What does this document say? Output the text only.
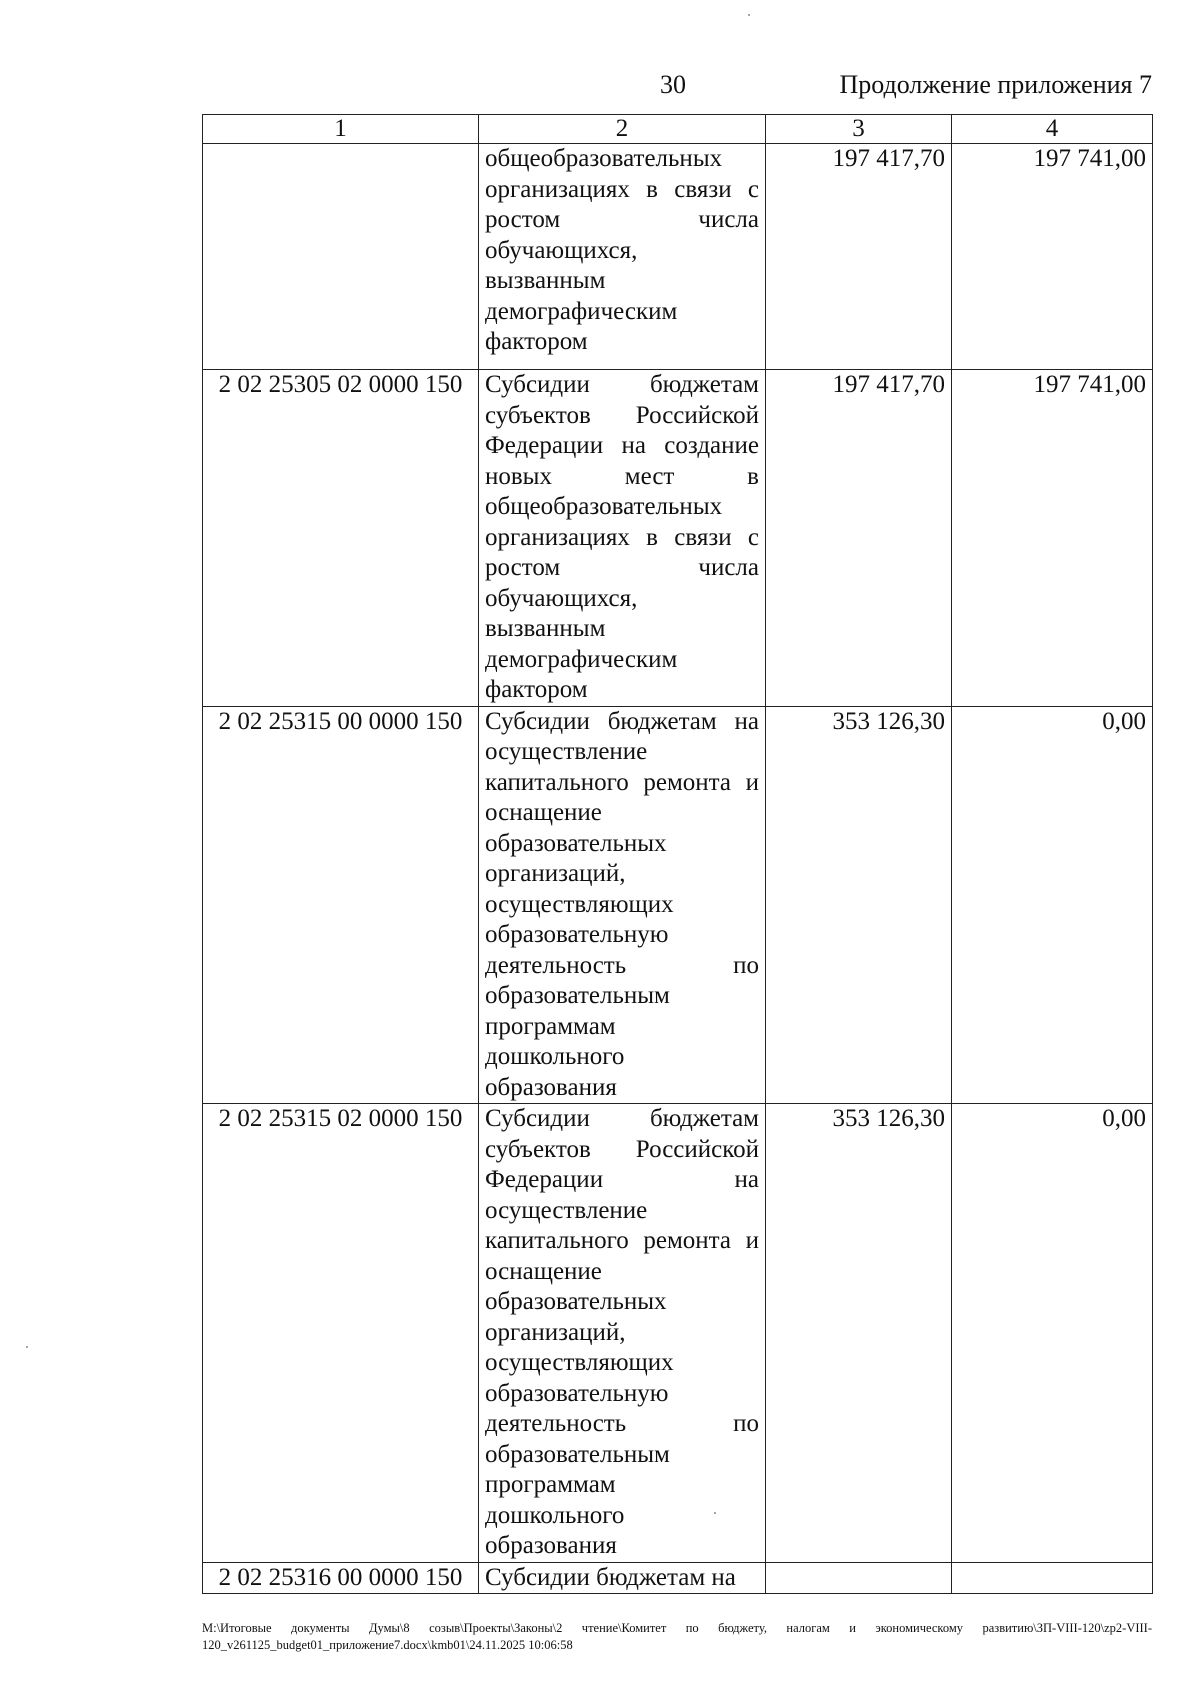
30	Продолжение приложения 7
1	2	3	4
	общеобразовательных организациях в связи с ростом числа обучающихся, вызванным демографическим фактором	197 417,70	197 741,00
2 02 25305 02 0000 150	Субсидии бюджетам субъектов Российской Федерации на создание новых мест в общеобразовательных организациях в связи с ростом числа обучающихся, вызванным демографическим фактором	197 417,70	197 741,00
2 02 25315 00 0000 150	Субсидии бюджетам на осуществление капитального ремонта и оснащение образовательных организаций, осуществляющих образовательную деятельность по образовательным программам дошкольного образования	353 126,30	0,00
2 02 25315 02 0000 150	Субсидии бюджетам субъектов Российской Федерации на осуществление капитального ремонта и оснащение образовательных организаций, осуществляющих образовательную деятельность по образовательным программам дошкольного образования	353 126,30	0,00
2 02 25316 00 0000 150	Субсидии бюджетам на		
M:\Итоговые документы Думы\8 созыв\Проекты\Законы\2 чтение\Комитет по бюджету, налогам и экономическому развитию\ЗП-VIII-120\zp2-VIII-120_v261125_budget01_приложение7.docx\kmb01\24.11.2025 10:06:58
